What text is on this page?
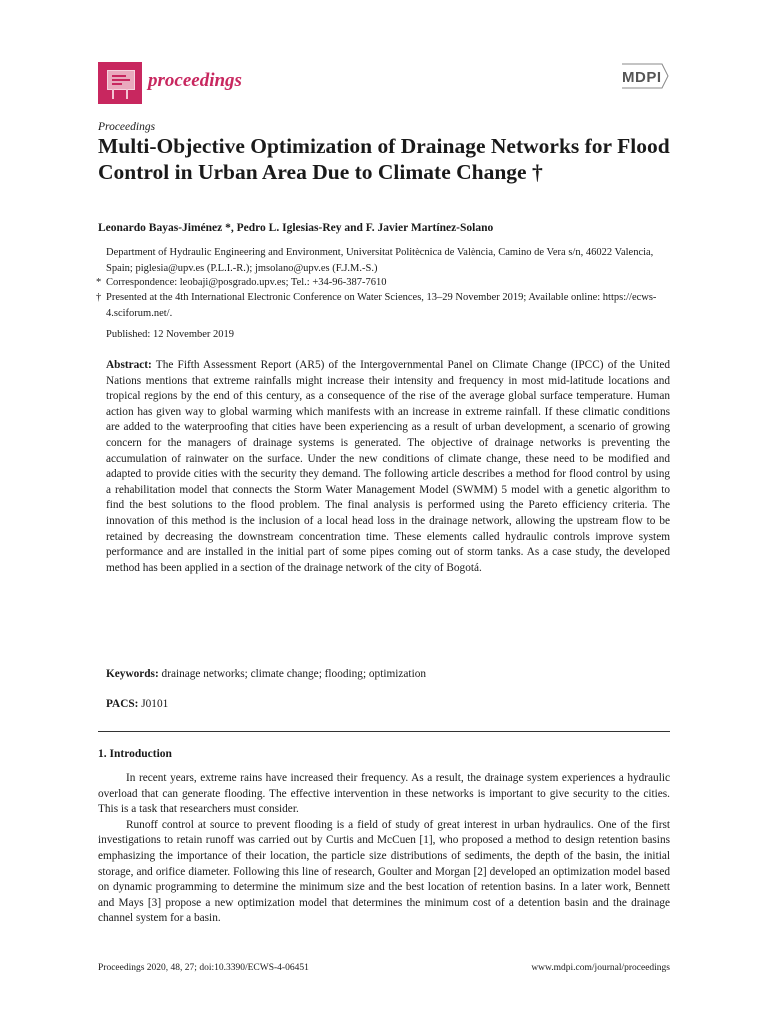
proceedings	MDPI
Proceedings
Multi-Objective Optimization of Drainage Networks for Flood Control in Urban Area Due to Climate Change †
Leonardo Bayas-Jiménez *, Pedro L. Iglesias-Rey and F. Javier Martínez-Solano
Department of Hydraulic Engineering and Environment, Universitat Politècnica de València, Camino de Vera s/n, 46022 Valencia, Spain; piglesia@upv.es (P.L.I.-R.); jmsolano@upv.es (F.J.M.-S.)
* Correspondence: leobaji@posgrado.upv.es; Tel.: +34-96-387-7610
† Presented at the 4th International Electronic Conference on Water Sciences, 13–29 November 2019; Available online: https://ecws-4.sciforum.net/.
Published: 12 November 2019
Abstract: The Fifth Assessment Report (AR5) of the Intergovernmental Panel on Climate Change (IPCC) of the United Nations mentions that extreme rainfalls might increase their intensity and frequency in most mid-latitude locations and tropical regions by the end of this century, as a consequence of the rise of the average global surface temperature. Human action has given way to global warming which manifests with an increase in extreme rainfall. If these climatic conditions are added to the waterproofing that cities have been experiencing as a result of urban development, a scenario of growing concern for the managers of drainage systems is generated. The objective of drainage networks is preventing the accumulation of rainwater on the surface. Under the new conditions of climate change, these need to be modified and adapted to provide cities with the security they demand. The following article describes a method for flood control by using a rehabilitation model that connects the Storm Water Management Model (SWMM) 5 model with a genetic algorithm to find the best solutions to the flood problem. The final analysis is performed using the Pareto efficiency criteria. The innovation of this method is the inclusion of a local head loss in the drainage network, allowing the upstream flow to be retained by decreasing the downstream concentration time. These elements called hydraulic controls improve system performance and are installed in the initial part of some pipes coming out of storm tanks. As a case study, the developed method has been applied in a section of the drainage network of the city of Bogotá.
Keywords: drainage networks; climate change; flooding; optimization
PACS: J0101
1. Introduction

In recent years, extreme rains have increased their frequency. As a result, the drainage system experiences a hydraulic overload that can generate flooding. The effective intervention in these networks is important to give security to the cities. This is a task that researchers must consider.

Runoff control at source to prevent flooding is a field of study of great interest in urban hydraulics. One of the first investigations to retain runoff was carried out by Curtis and McCuen [1], who proposed a method to design retention basins emphasizing the importance of their location, the particle size distributions of sediments, the depth of the basin, the initial storage, and orifice diameter. Following this line of research, Goulter and Morgan [2] developed an optimization model based on dynamic programming to determine the minimum size and the best location of retention basins. In a later work, Bennett and Mays [3] propose a new optimization model that determines the minimum cost of a detention basin and the drainage channel system for a basin.

Proceedings 2020, 48, 27; doi:10.3390/ECWS-4-06451	www.mdpi.com/journal/proceedings
